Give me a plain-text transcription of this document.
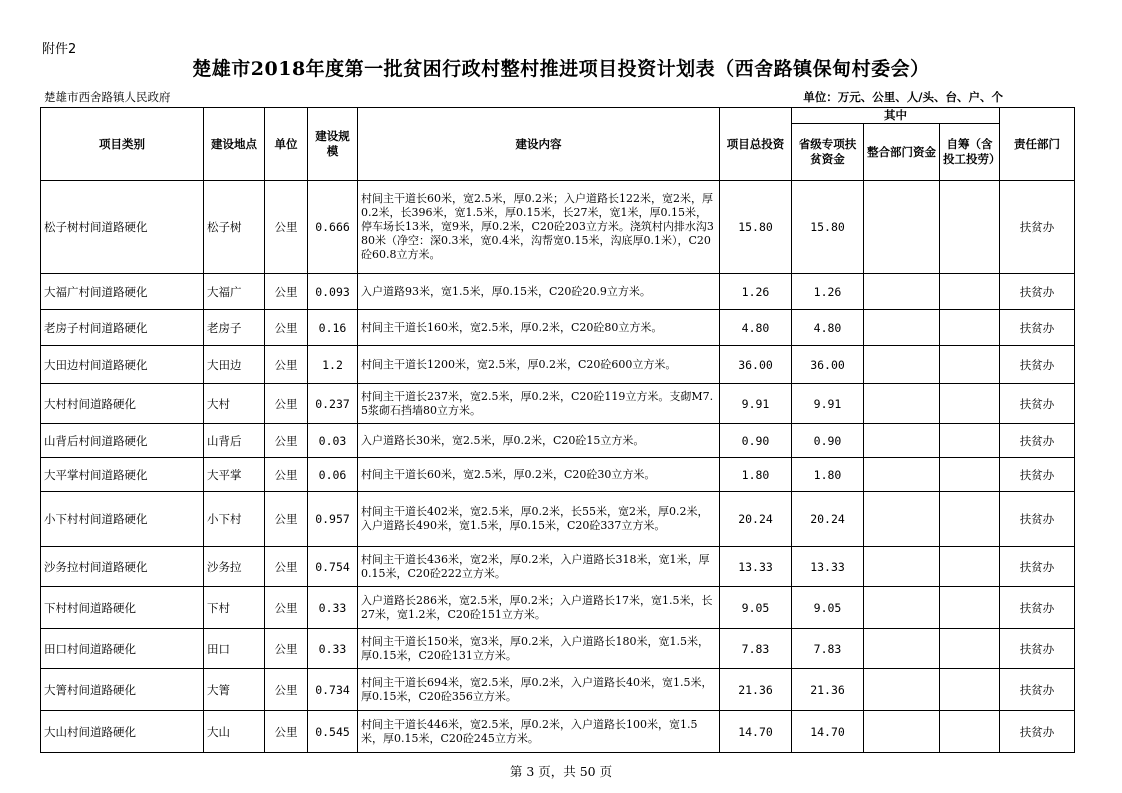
附件2
楚雄市2018年度第一批贫困行政村整村推进项目投资计划表（西舍路镇保甸村委会）
楚雄市西舍路镇人民政府	单位：万元、公里、人/头、台、户、个
项目类别	建设地点	单位	建设规模	建设内容	项目总投资	其中			责任部门
						省级专项扶贫资金	整合部门资金	自筹（含投工投劳）	
松子树村间道路硬化	松子树	公里	0.666	村间主干道长60米，宽2.5米，厚0.2米；入户道路长122米，宽2米，厚0.2米，长396米，宽1.5米，厚0.15米，长27米，宽1米，厚0.15米，停车场长13米，宽9米，厚0.2米，C20砼203立方米。浇筑村内排水沟380米（净空：深0.3米，宽0.4米，沟帮宽0.15米，沟底厚0.1米），C20砼60.8立方米。	15.80	15.80			扶贫办
大福广村间道路硬化	大福广	公里	0.093	入户道路93米，宽1.5米，厚0.15米，C20砼20.9立方米。	1.26	1.26			扶贫办
老房子村间道路硬化	老房子	公里	0.16	村间主干道长160米，宽2.5米，厚0.2米，C20砼80立方米。	4.80	4.80			扶贫办
大田边村间道路硬化	大田边	公里	1.2	村间主干道长1200米，宽2.5米，厚0.2米，C20砼600立方米。	36.00	36.00			扶贫办
大村村间道路硬化	大村	公里	0.237	村间主干道长237米，宽2.5米，厚0.2米，C20砼119立方米。支砌M7.5浆砌石挡墙80立方米。	9.91	9.91			扶贫办
山背后村间道路硬化	山背后	公里	0.03	入户道路长30米，宽2.5米，厚0.2米，C20砼15立方米。	0.90	0.90			扶贫办
大平掌村间道路硬化	大平掌	公里	0.06	村间主干道长60米，宽2.5米，厚0.2米，C20砼30立方米。	1.80	1.80			扶贫办
小下村村间道路硬化	小下村	公里	0.957	村间主干道长402米，宽2.5米，厚0.2米，长55米，宽2米，厚0.2米，入户道路长490米，宽1.5米，厚0.15米，C20砼337立方米。	20.24	20.24			扶贫办
沙务拉村间道路硬化	沙务拉	公里	0.754	村间主干道长436米，宽2米，厚0.2米，入户道路长318米，宽1米，厚0.15米，C20砼222立方米。	13.33	13.33			扶贫办
下村村间道路硬化	下村	公里	0.33	入户道路长286米，宽2.5米，厚0.2米；入户道路长17米，宽1.5米，长27米，宽1.2米，C20砼151立方米。	9.05	9.05			扶贫办
田口村间道路硬化	田口	公里	0.33	村间主干道长150米，宽3米，厚0.2米，入户道路长180米，宽1.5米，厚0.15米，C20砼131立方米。	7.83	7.83			扶贫办
大箐村间道路硬化	大箐	公里	0.734	村间主干道长694米，宽2.5米，厚0.2米，入户道路长40米，宽1.5米，厚0.15米，C20砼356立方米。	21.36	21.36			扶贫办
大山村间道路硬化	大山	公里	0.545	村间主干道长446米，宽2.5米，厚0.2米，入户道路长100米，宽1.5米，厚0.15米，C20砼245立方米。	14.70	14.70			扶贫办
第 3 页，共 50 页
